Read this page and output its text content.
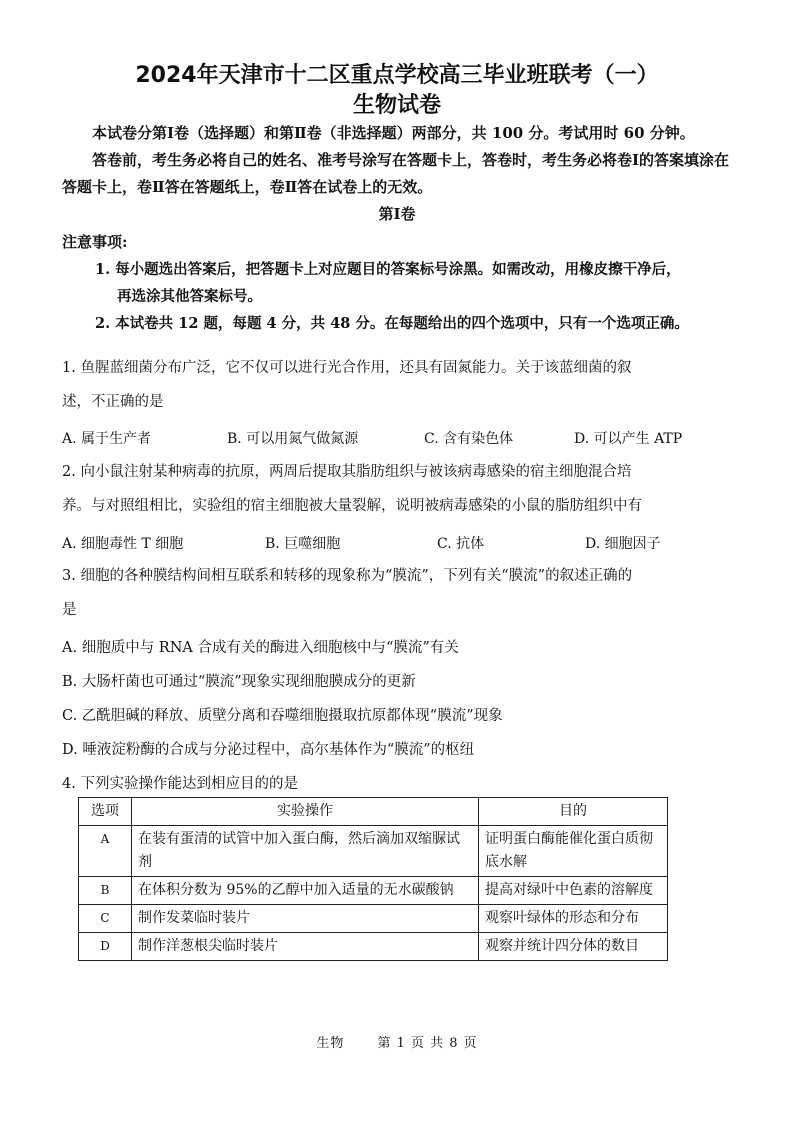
2024年天津市十二区重点学校高三毕业班联考（一）
生物试卷

本试卷分第Ⅰ卷（选择题）和第Ⅱ卷（非选择题）两部分，共 100 分。考试用时 60 分钟。

答卷前，考生务必将自己的姓名、准考号涂写在答题卡上，答卷时，考生务必将卷Ⅰ的答案填涂在答题卡上，卷Ⅱ答在答题纸上，卷Ⅱ答在试卷上的无效。

第Ⅰ卷
注意事项:
1. 每小题选出答案后，把答题卡上对应题目的答案标号涂黑。如需改动，用橡皮擦干净后，
再选涂其他答案标号。
2. 本试卷共 12 题，每题 4 分，共 48 分。在每题给出的四个选项中，只有一个选项正确。

1. 鱼腥蓝细菌分布广泛，它不仅可以进行光合作用，还具有固氮能力。关于该蓝细菌的叙

述，不正确的是

A. 属于生产者	B. 可以用氮气做氮源	C. 含有染色体	D. 可以产生 ATP

2. 向小鼠注射某种病毒的抗原，两周后提取其脂肪组织与被该病毒感染的宿主细胞混合培

养。与对照组相比，实验组的宿主细胞被大量裂解，说明被病毒感染的小鼠的脂肪组织中有

A. 细胞毒性 T 细胞	B. 巨噬细胞	C. 抗体	D. 细胞因子

3. 细胞的各种膜结构间相互联系和转移的现象称为“膜流”，下列有关“膜流”的叙述正确的

是

A. 细胞质中与 RNA 合成有关的酶进入细胞核中与“膜流”有关
B. 大肠杆菌也可通过“膜流”现象实现细胞膜成分的更新
C. 乙酰胆碱的释放、质壁分离和吞噬细胞摄取抗原都体现“膜流”现象
D. 唾液淀粉酶的合成与分泌过程中，高尔基体作为“膜流”的枢纽
4. 下列实验操作能达到相应目的的是
选项	实验操作	目的
A	在装有蛋清的试管中加入蛋白酶，然后滴加双缩脲试剂	证明蛋白酶能催化蛋白质彻底水解
B	在体积分数为 95%的乙醇中加入适量的无水碳酸钠	提高对绿叶中色素的溶解度
C	制作发菜临时装片	观察叶绿体的形态和分布
D	制作洋葱根尖临时装片	观察并统计四分体的数目
生物	第 1 页 共 8 页
